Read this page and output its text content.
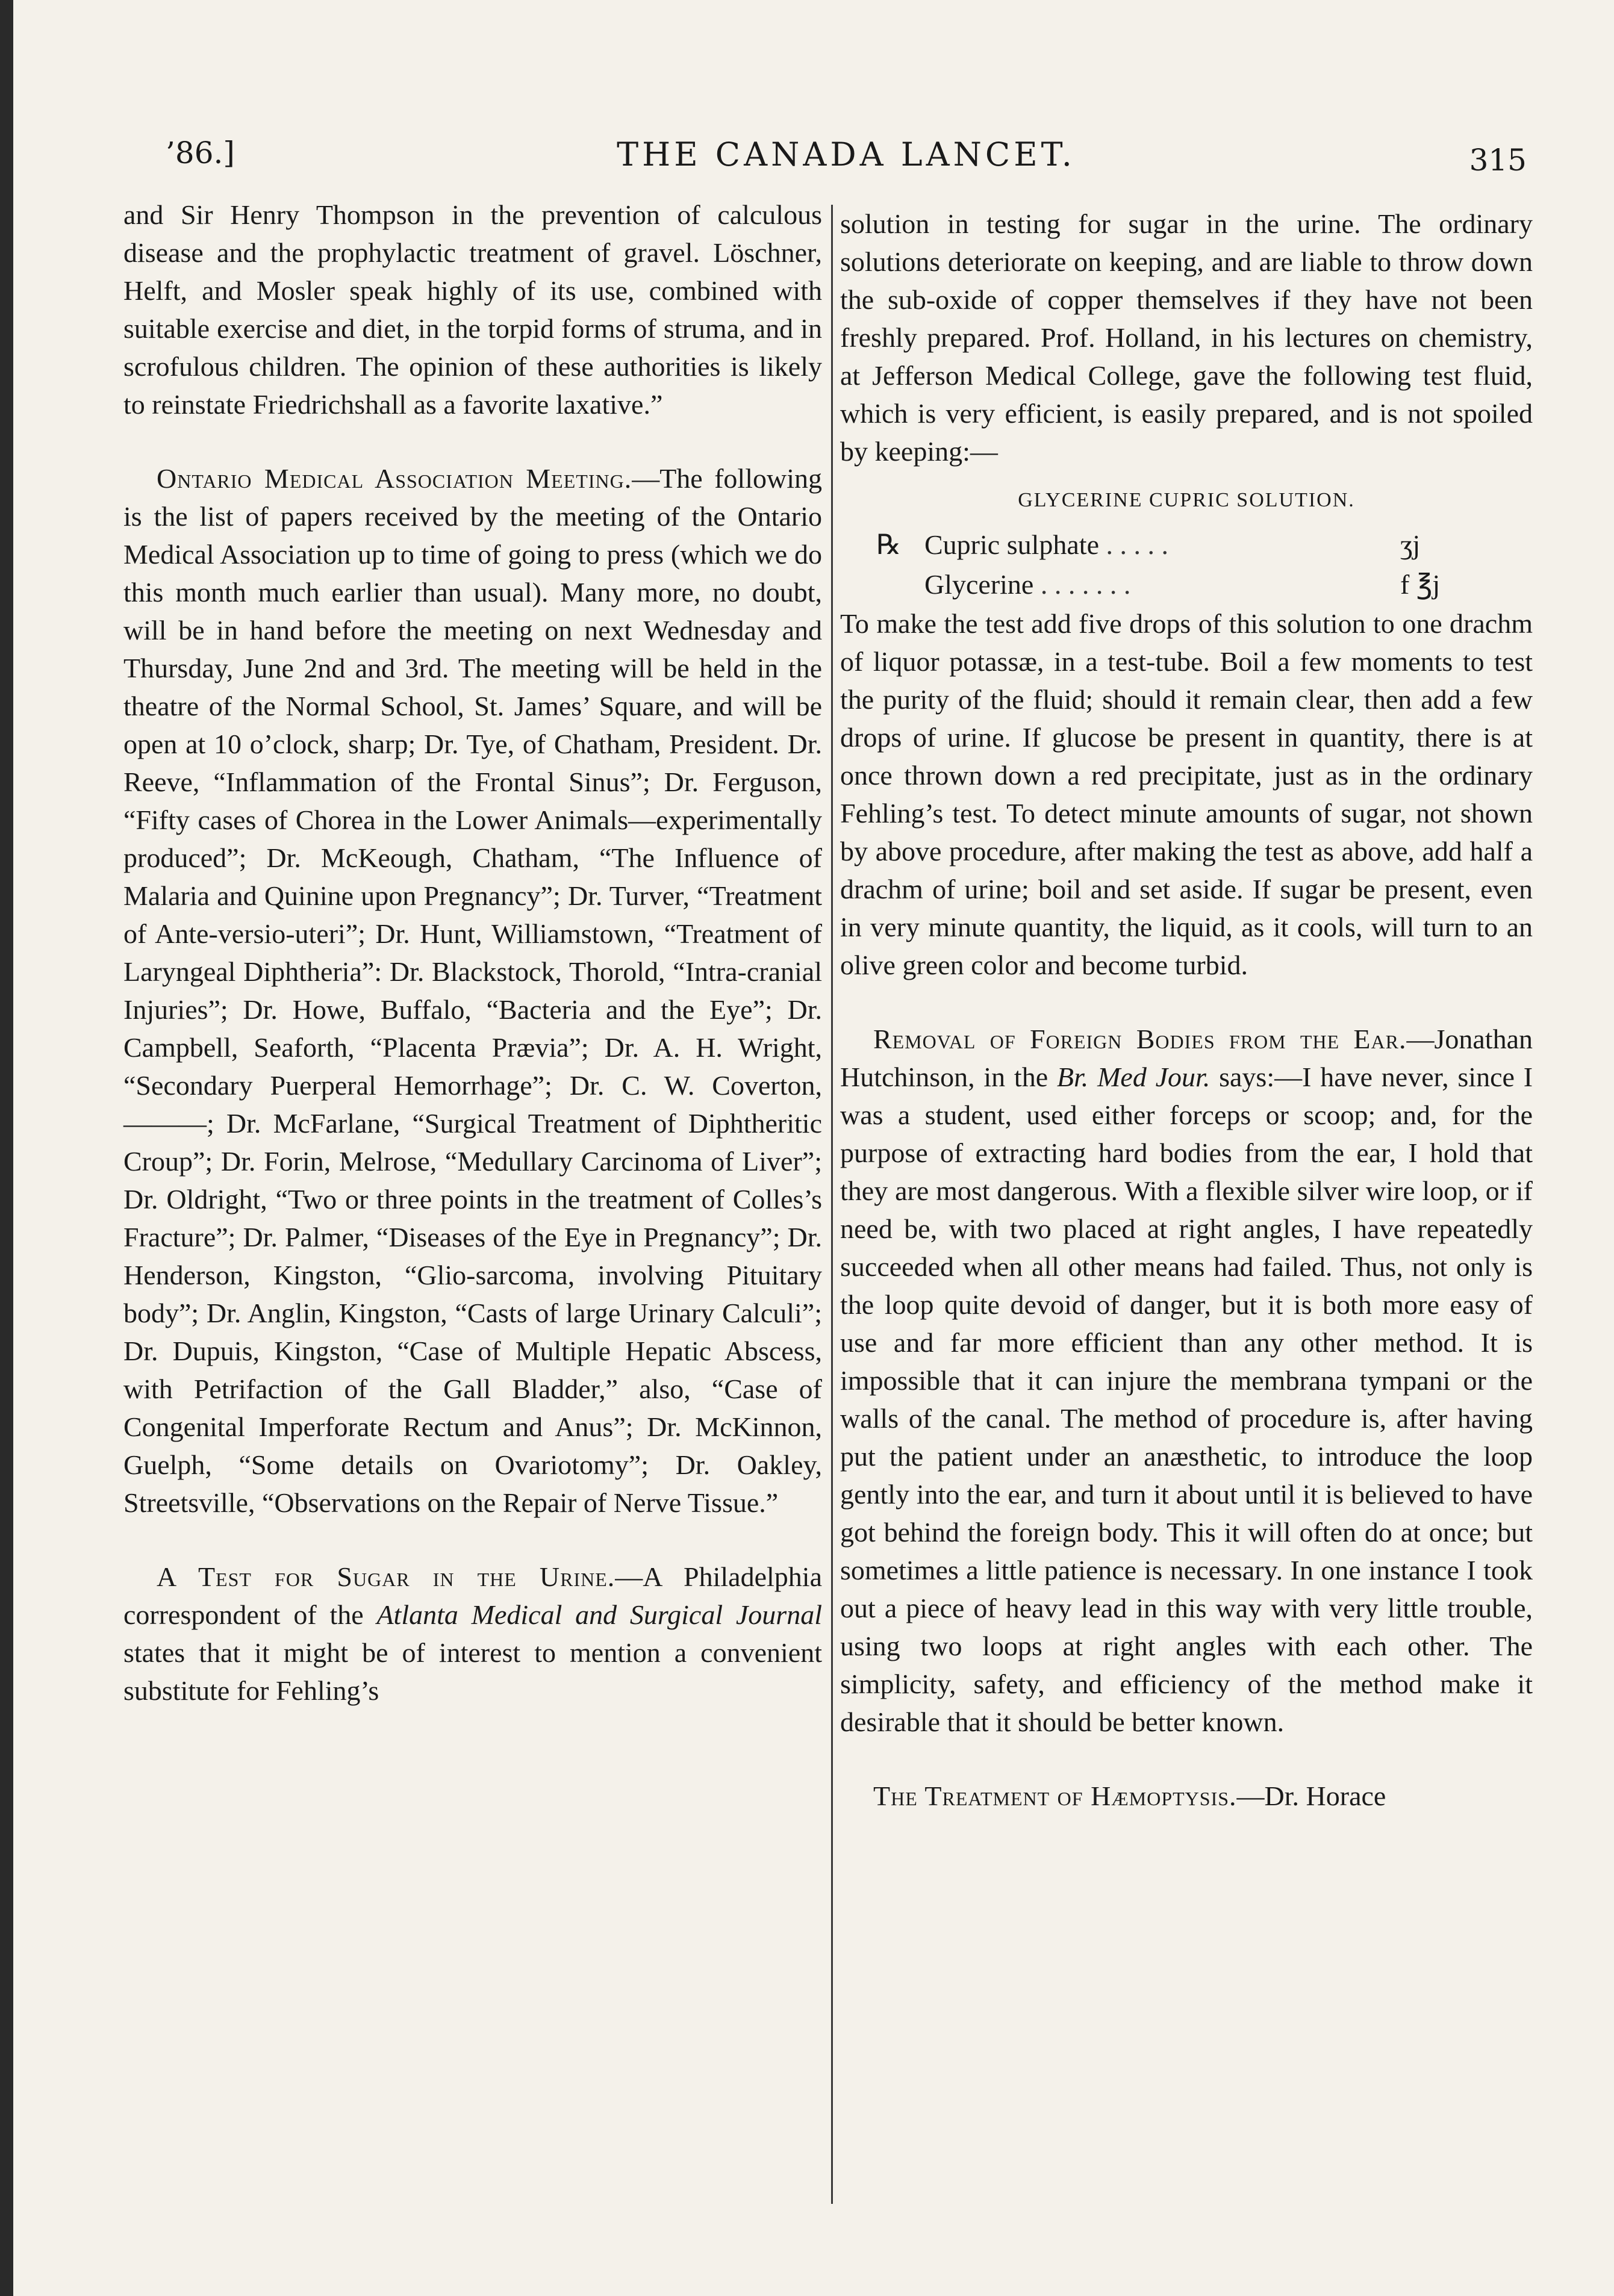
’86.]	THE CANADA LANCET.	315

and Sir Henry Thompson in the prevention of calculous disease and the prophylactic treatment of gravel. Löschner, Helft, and Mosler speak highly of its use, combined with suitable exercise and diet, in the torpid forms of struma, and in scrofulous children. The opinion of these authorities is likely to reinstate Friedrichshall as a favorite laxative.”

Ontario Medical Association Meeting.—The following is the list of papers received by the meeting of the Ontario Medical Association up to time of going to press (which we do this month much earlier than usual). Many more, no doubt, will be in hand before the meeting on next Wednesday and Thursday, June 2nd and 3rd. The meeting will be held in the theatre of the Normal School, St. James’ Square, and will be open at 10 o’clock, sharp; Dr. Tye, of Chatham, President. Dr. Reeve, “Inflammation of the Frontal Sinus”; Dr. Ferguson, “Fifty cases of Chorea in the Lower Animals—experimentally produced”; Dr. McKeough, Chatham, “The Influence of Malaria and Quinine upon Pregnancy”; Dr. Turver, “Treatment of Ante-versio-uteri”; Dr. Hunt, Williamstown, “Treatment of Laryngeal Diphtheria”: Dr. Blackstock, Thorold, “Intra-cranial Injuries”; Dr. Howe, Buffalo, “Bacteria and the Eye”; Dr. Campbell, Seaforth, “Placenta Prævia”; Dr. A. H. Wright, “Secondary Puerperal Hemorrhage”; Dr. C. W. Coverton, ———; Dr. McFarlane, “Surgical Treatment of Diphtheritic Croup”; Dr. Forin, Melrose, “Medullary Carcinoma of Liver”; Dr. Oldright, “Two or three points in the treatment of Colles’s Fracture”; Dr. Palmer, “Diseases of the Eye in Pregnancy”; Dr. Henderson, Kingston, “Glio-sarcoma, involving Pituitary body”; Dr. Anglin, Kingston, “Casts of large Urinary Calculi”; Dr. Dupuis, Kingston, “Case of Multiple Hepatic Abscess, with Petrifaction of the Gall Bladder,” also, “Case of Congenital Imperforate Rectum and Anus”; Dr. McKinnon, Guelph, “Some details on Ovariotomy”; Dr. Oakley, Streetsville, “Observations on the Repair of Nerve Tissue.”

A Test for Sugar in the Urine.—A Philadelphia correspondent of the Atlanta Medical and Surgical Journal states that it might be of interest to mention a convenient substitute for Fehling’s

solution in testing for sugar in the urine. The ordinary solutions deteriorate on keeping, and are liable to throw down the sub-oxide of copper themselves if they have not been freshly prepared. Prof. Holland, in his lectures on chemistry, at Jefferson Medical College, gave the following test fluid, which is very efficient, is easily prepared, and is not spoiled by keeping:—

GLYCERINE CUPRIC SOLUTION.
℞ Cupric sulphate . . . . .	ʒj
Glycerine . . . . . . .	f ℥j

To make the test add five drops of this solution to one drachm of liquor potassæ, in a test-tube. Boil a few moments to test the purity of the fluid; should it remain clear, then add a few drops of urine. If glucose be present in quantity, there is at once thrown down a red precipitate, just as in the ordinary Fehling’s test. To detect minute amounts of sugar, not shown by above procedure, after making the test as above, add half a drachm of urine; boil and set aside. If sugar be present, even in very minute quantity, the liquid, as it cools, will turn to an olive green color and become turbid.

Removal of Foreign Bodies from the Ear.—Jonathan Hutchinson, in the Br. Med Jour. says:—I have never, since I was a student, used either forceps or scoop; and, for the purpose of extracting hard bodies from the ear, I hold that they are most dangerous. With a flexible silver wire loop, or if need be, with two placed at right angles, I have repeatedly succeeded when all other means had failed. Thus, not only is the loop quite devoid of danger, but it is both more easy of use and far more efficient than any other method. It is impossible that it can injure the membrana tympani or the walls of the canal. The method of procedure is, after having put the patient under an anæsthetic, to introduce the loop gently into the ear, and turn it about until it is believed to have got behind the foreign body. This it will often do at once; but sometimes a little patience is necessary. In one instance I took out a piece of heavy lead in this way with very little trouble, using two loops at right angles with each other. The simplicity, safety, and efficiency of the method make it desirable that it should be better known.

The Treatment of Hæmoptysis.—Dr. Horace
